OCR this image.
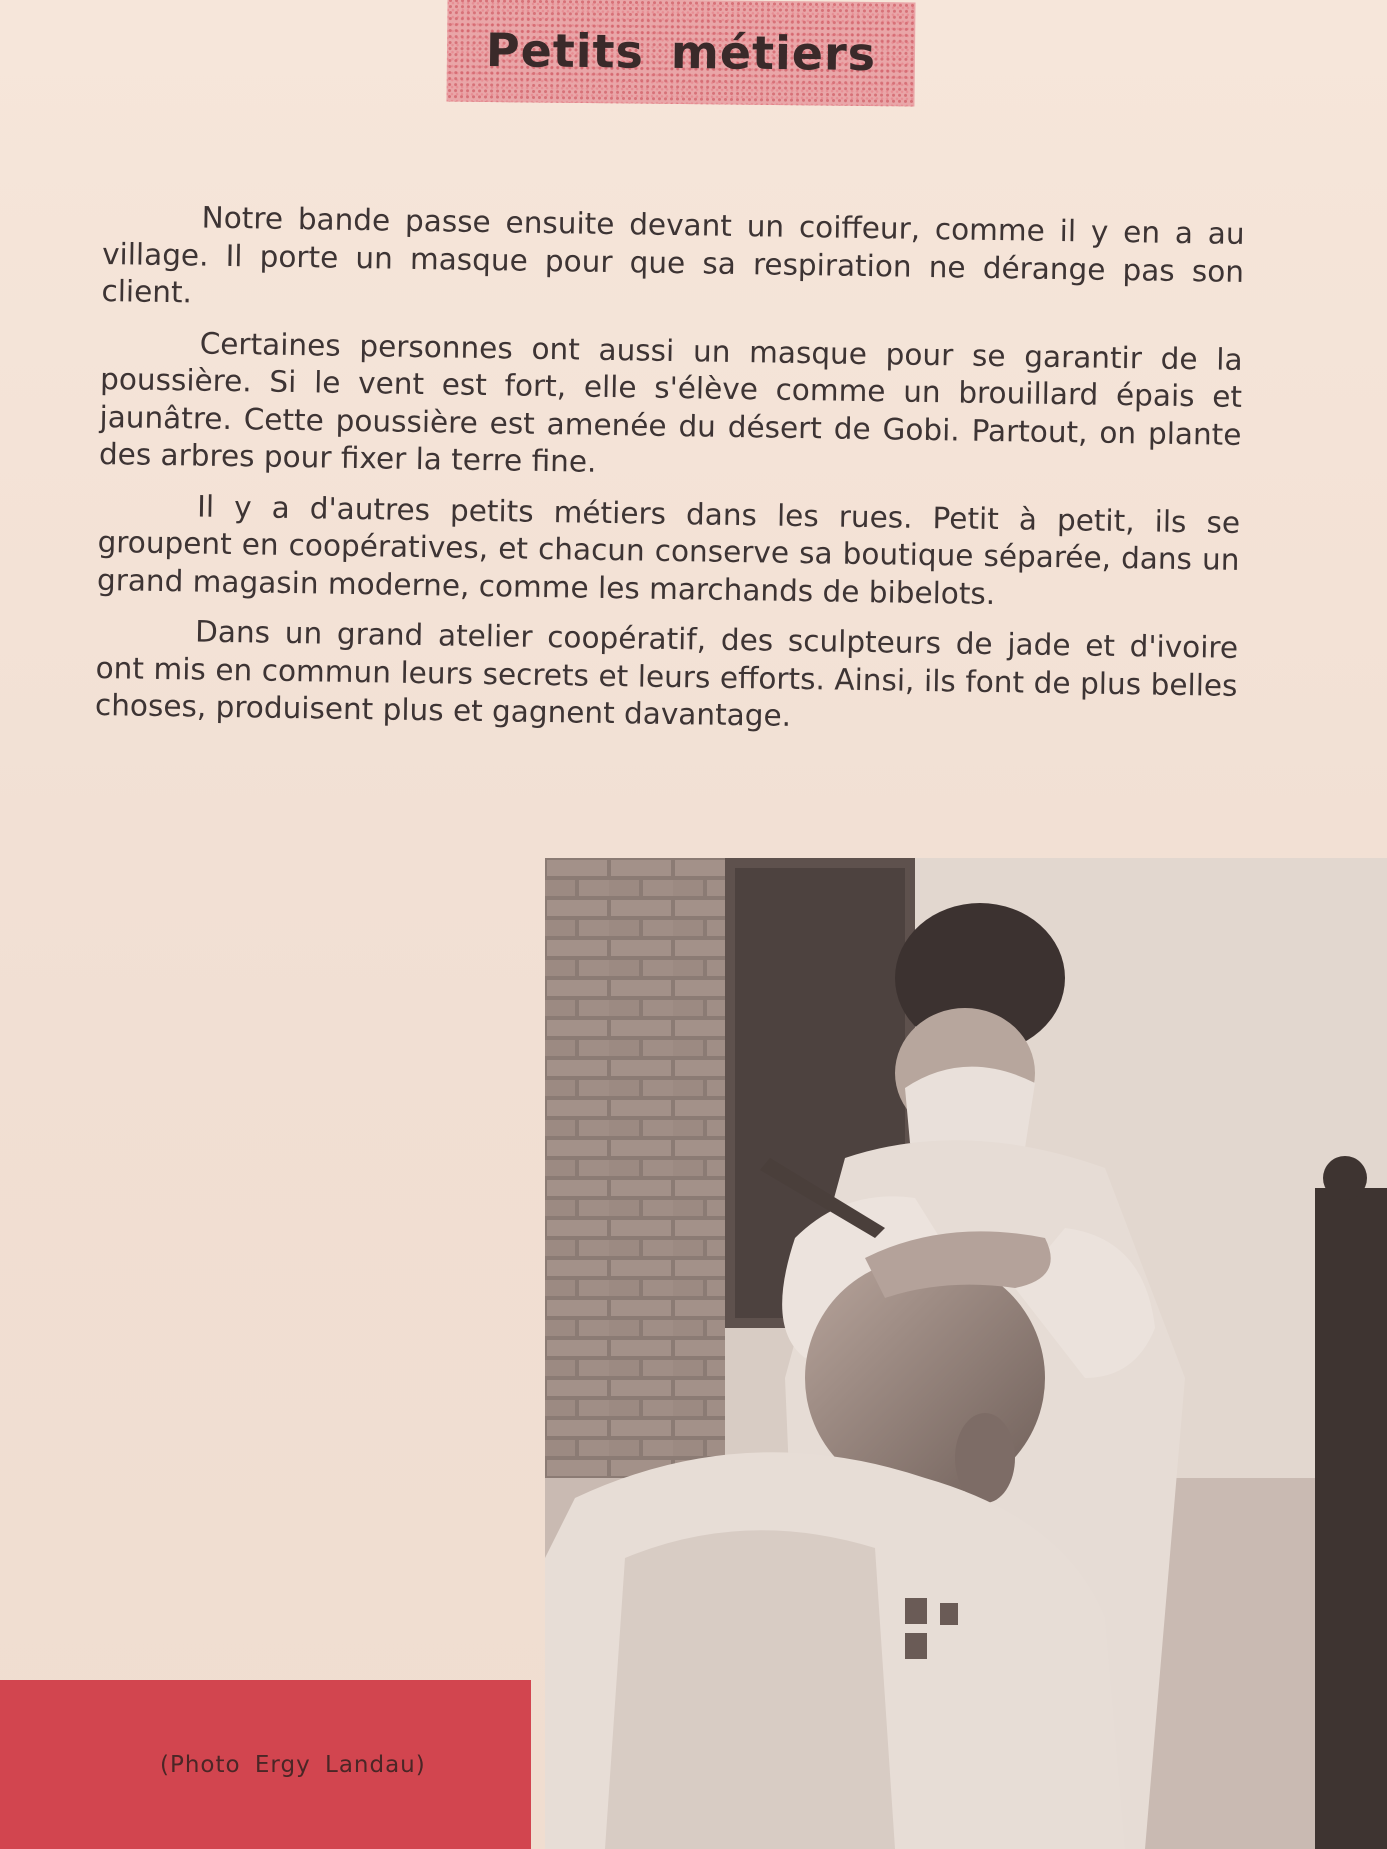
Petits métiers

Notre bande passe ensuite devant un coiffeur, comme il y en a au village. Il porte un masque pour que sa respiration ne dérange pas son client.

Certaines personnes ont aussi un masque pour se garantir de la poussière. Si le vent est fort, elle s'élève comme un brouillard épais et jaunâtre. Cette poussière est amenée du désert de Gobi. Partout, on plante des arbres pour fixer la terre fine.

Il y a d'autres petits métiers dans les rues. Petit à petit, ils se groupent en coopératives, et chacun conserve sa boutique séparée, dans un grand magasin moderne, comme les marchands de bibelots.

Dans un grand atelier coopératif, des sculpteurs de jade et d'ivoire ont mis en commun leurs secrets et leurs efforts. Ainsi, ils font de plus belles choses, produisent plus et gagnent davantage.

(Photo Ergy Landau)
